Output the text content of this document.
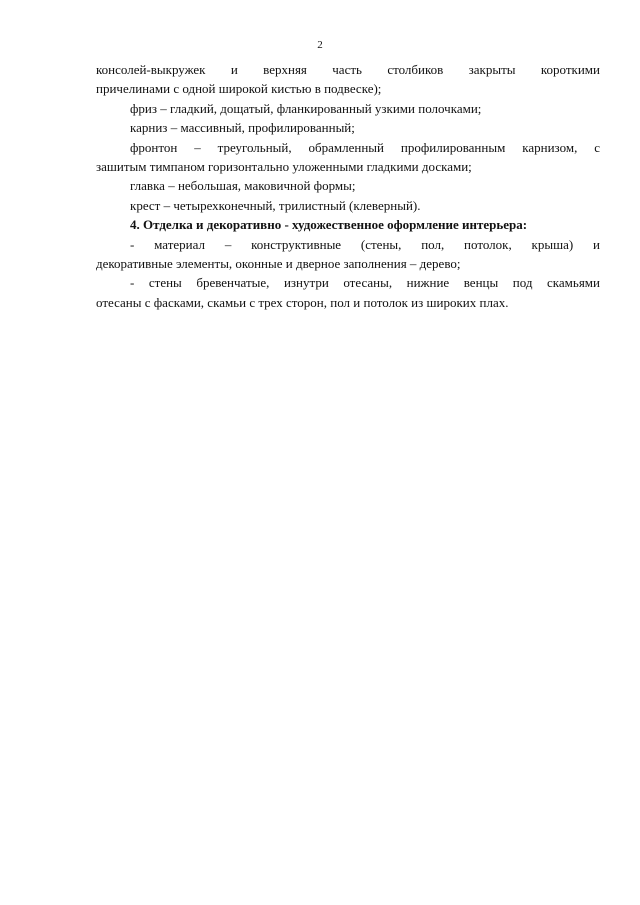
2

консолей-выкружек и верхняя часть столбиков закрыты короткими

причелинами с одной широкой кистью в подвеске);

фриз – гладкий, дощатый, фланкированный узкими полочками;

карниз – массивный, профилированный;

фронтон – треугольный, обрамленный профилированным карнизом, с

зашитым тимпаном горизонтально уложенными гладкими досками;

главка – небольшая, маковичной формы;

крест – четырехконечный, трилистный (клеверный).

4. Отделка и декоративно - художественное оформление интерьера:

- материал – конструктивные (стены, пол, потолок, крыша) и

декоративные элементы, оконные и дверное заполнения – дерево;

- стены бревенчатые, изнутри отесаны, нижние венцы под скамьями

отесаны с фасками, скамьи с трех сторон, пол и потолок из широких плах.
